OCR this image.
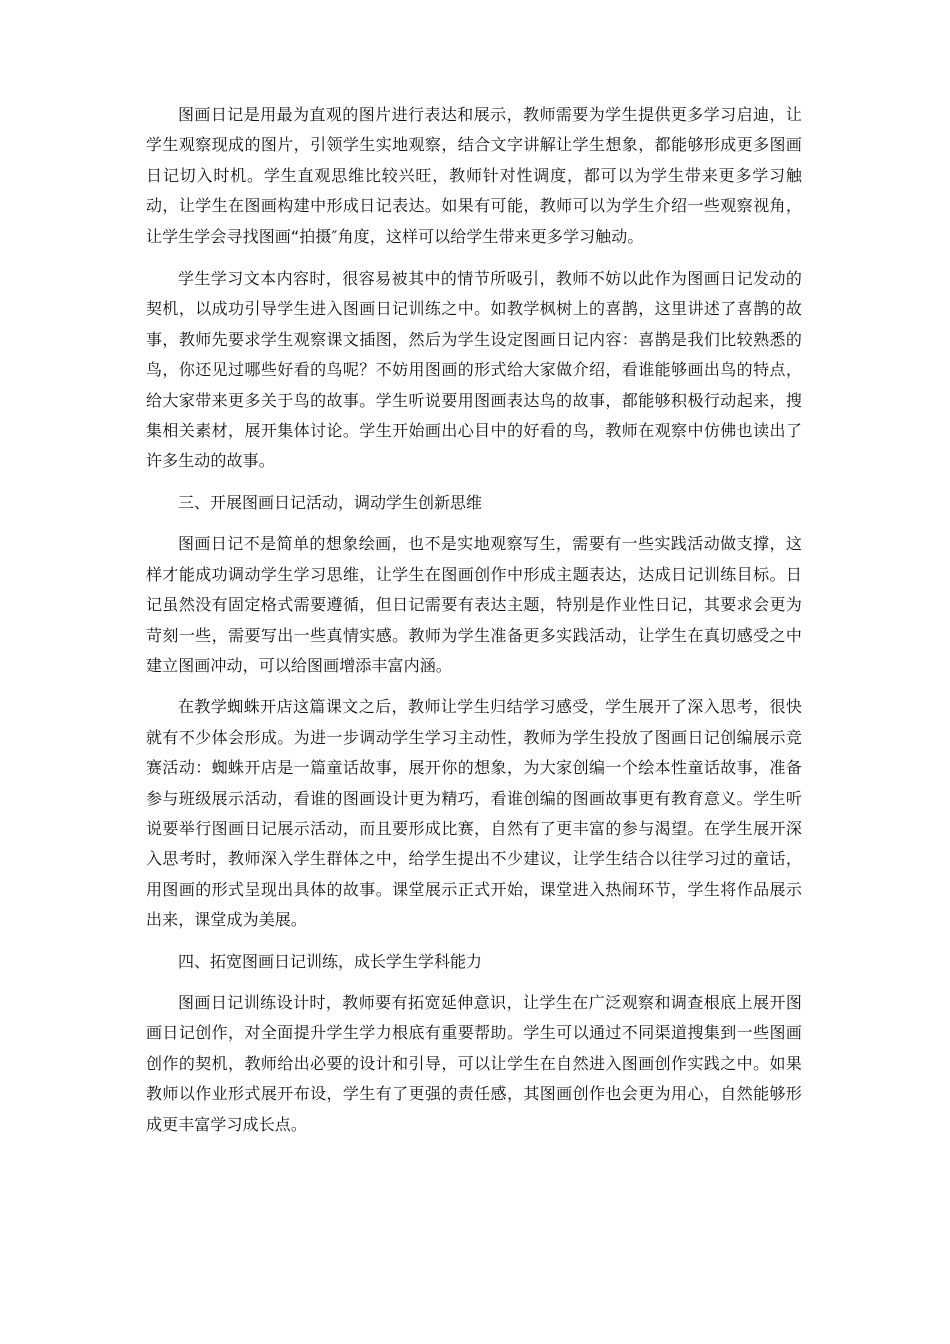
图画日记是用最为直观的图片进行表达和展示，教师需要为学生提供更多学习启迪，让学生观察现成的图片，引领学生实地观察，结合文字讲解让学生想象，都能够形成更多图画日记切入时机。学生直观思维比较兴旺，教师针对性调度，都可以为学生带来更多学习触动，让学生在图画构建中形成日记表达。如果有可能，教师可以为学生介绍一些观察视角，让学生学会寻找图画“拍摄″角度，这样可以给学生带来更多学习触动。

学生学习文本内容时，很容易被其中的情节所吸引，教师不妨以此作为图画日记发动的契机，以成功引导学生进入图画日记训练之中。如教学枫树上的喜鹊，这里讲述了喜鹊的故事，教师先要求学生观察课文插图，然后为学生设定图画日记内容：喜鹊是我们比较熟悉的鸟，你还见过哪些好看的鸟呢？不妨用图画的形式给大家做介绍，看谁能够画出鸟的特点，给大家带来更多关于鸟的故事。学生听说要用图画表达鸟的故事，都能够积极行动起来，搜集相关素材，展开集体讨论。学生开始画出心目中的好看的鸟，教师在观察中仿佛也读出了许多生动的故事。

三、开展图画日记活动，调动学生创新思维

图画日记不是简单的想象绘画，也不是实地观察写生，需要有一些实践活动做支撑，这样才能成功调动学生学习思维，让学生在图画创作中形成主题表达，达成日记训练目标。日记虽然没有固定格式需要遵循，但日记需要有表达主题，特别是作业性日记，其要求会更为苛刻一些，需要写出一些真情实感。教师为学生准备更多实践活动，让学生在真切感受之中建立图画冲动，可以给图画增添丰富内涵。

在教学蜘蛛开店这篇课文之后，教师让学生归结学习感受，学生展开了深入思考，很快就有不少体会形成。为进一步调动学生学习主动性，教师为学生投放了图画日记创编展示竞赛活动：蜘蛛开店是一篇童话故事，展开你的想象，为大家创编一个绘本性童话故事，准备参与班级展示活动，看谁的图画设计更为精巧，看谁创编的图画故事更有教育意义。学生听说要举行图画日记展示活动，而且要形成比赛，自然有了更丰富的参与渴望。在学生展开深入思考时，教师深入学生群体之中，给学生提出不少建议，让学生结合以往学习过的童话，用图画的形式呈现出具体的故事。课堂展示正式开始，课堂进入热闹环节，学生将作品展示出来，课堂成为美展。

四、拓宽图画日记训练，成长学生学科能力

图画日记训练设计时，教师要有拓宽延伸意识，让学生在广泛观察和调查根底上展开图画日记创作，对全面提升学生学力根底有重要帮助。学生可以通过不同渠道搜集到一些图画创作的契机，教师给出必要的设计和引导，可以让学生在自然进入图画创作实践之中。如果教师以作业形式展开布设，学生有了更强的责任感，其图画创作也会更为用心，自然能够形成更丰富学习成长点。
